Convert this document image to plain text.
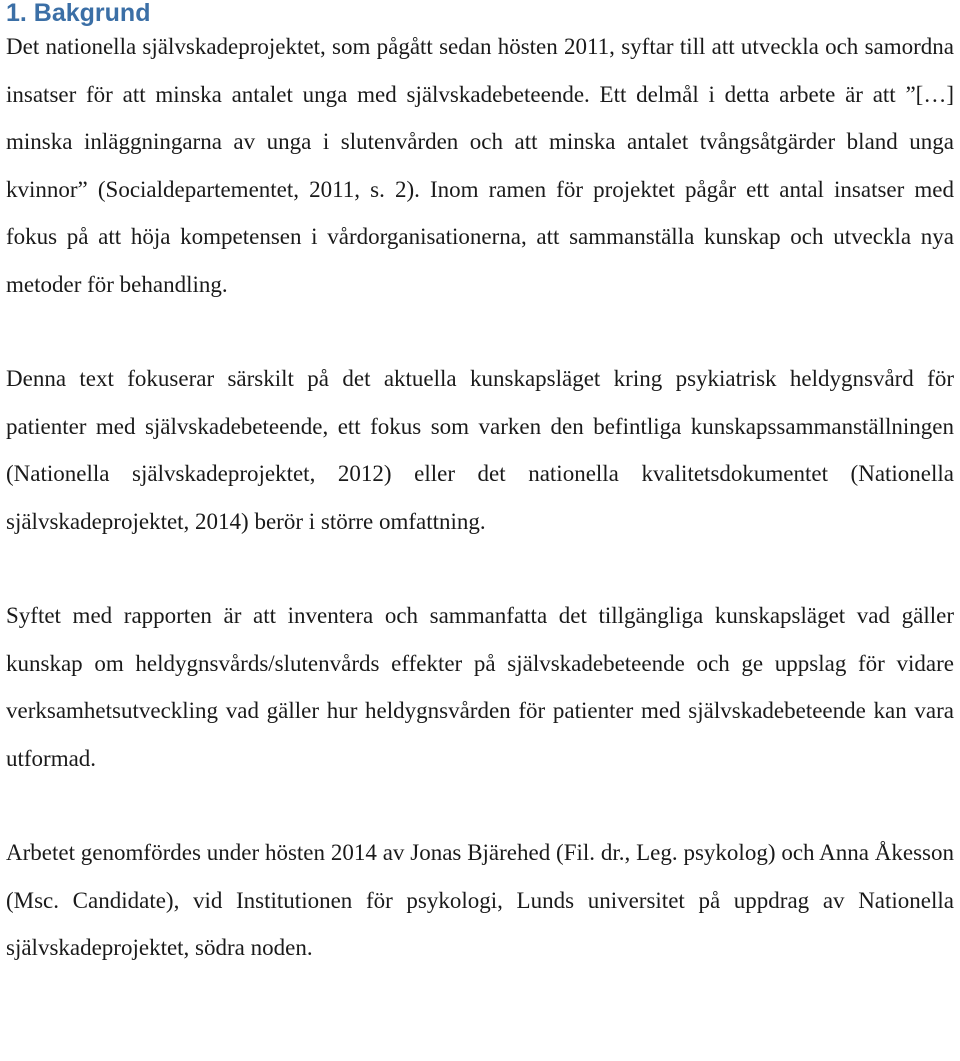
1. Bakgrund

Det nationella självskadeprojektet, som pågått sedan hösten 2011, syftar till att utveckla och samordna insatser för att minska antalet unga med självskadebeteende. Ett delmål i detta arbete är att ”[…] minska inläggningarna av unga i slutenvården och att minska antalet tvångsåtgärder bland unga kvinnor” (Socialdepartementet, 2011, s. 2). Inom ramen för projektet pågår ett antal insatser med fokus på att höja kompetensen i vårdorganisationerna, att sammanställa kunskap och utveckla nya metoder för behandling.

Denna text fokuserar särskilt på det aktuella kunskapsläget kring psykiatrisk heldygnsvård för patienter med självskadebeteende, ett fokus som varken den befintliga kunskapssammanställningen (Nationella självskadeprojektet, 2012) eller det nationella kvalitetsdokumentet (Nationella självskadeprojektet, 2014) berör i större omfattning.

Syftet med rapporten är att inventera och sammanfatta det tillgängliga kunskapsläget vad gäller kunskap om heldygnsvårds/slutenvårds effekter på självskadebeteende och ge uppslag för vidare verksamhetsutveckling vad gäller hur heldygnsvården för patienter med självskadebeteende kan vara utformad.

Arbetet genomfördes under hösten 2014 av Jonas Bjärehed (Fil. dr., Leg. psykolog) och Anna Åkesson (Msc. Candidate), vid Institutionen för psykologi, Lunds universitet på uppdrag av Nationella självskadeprojektet, södra noden.
